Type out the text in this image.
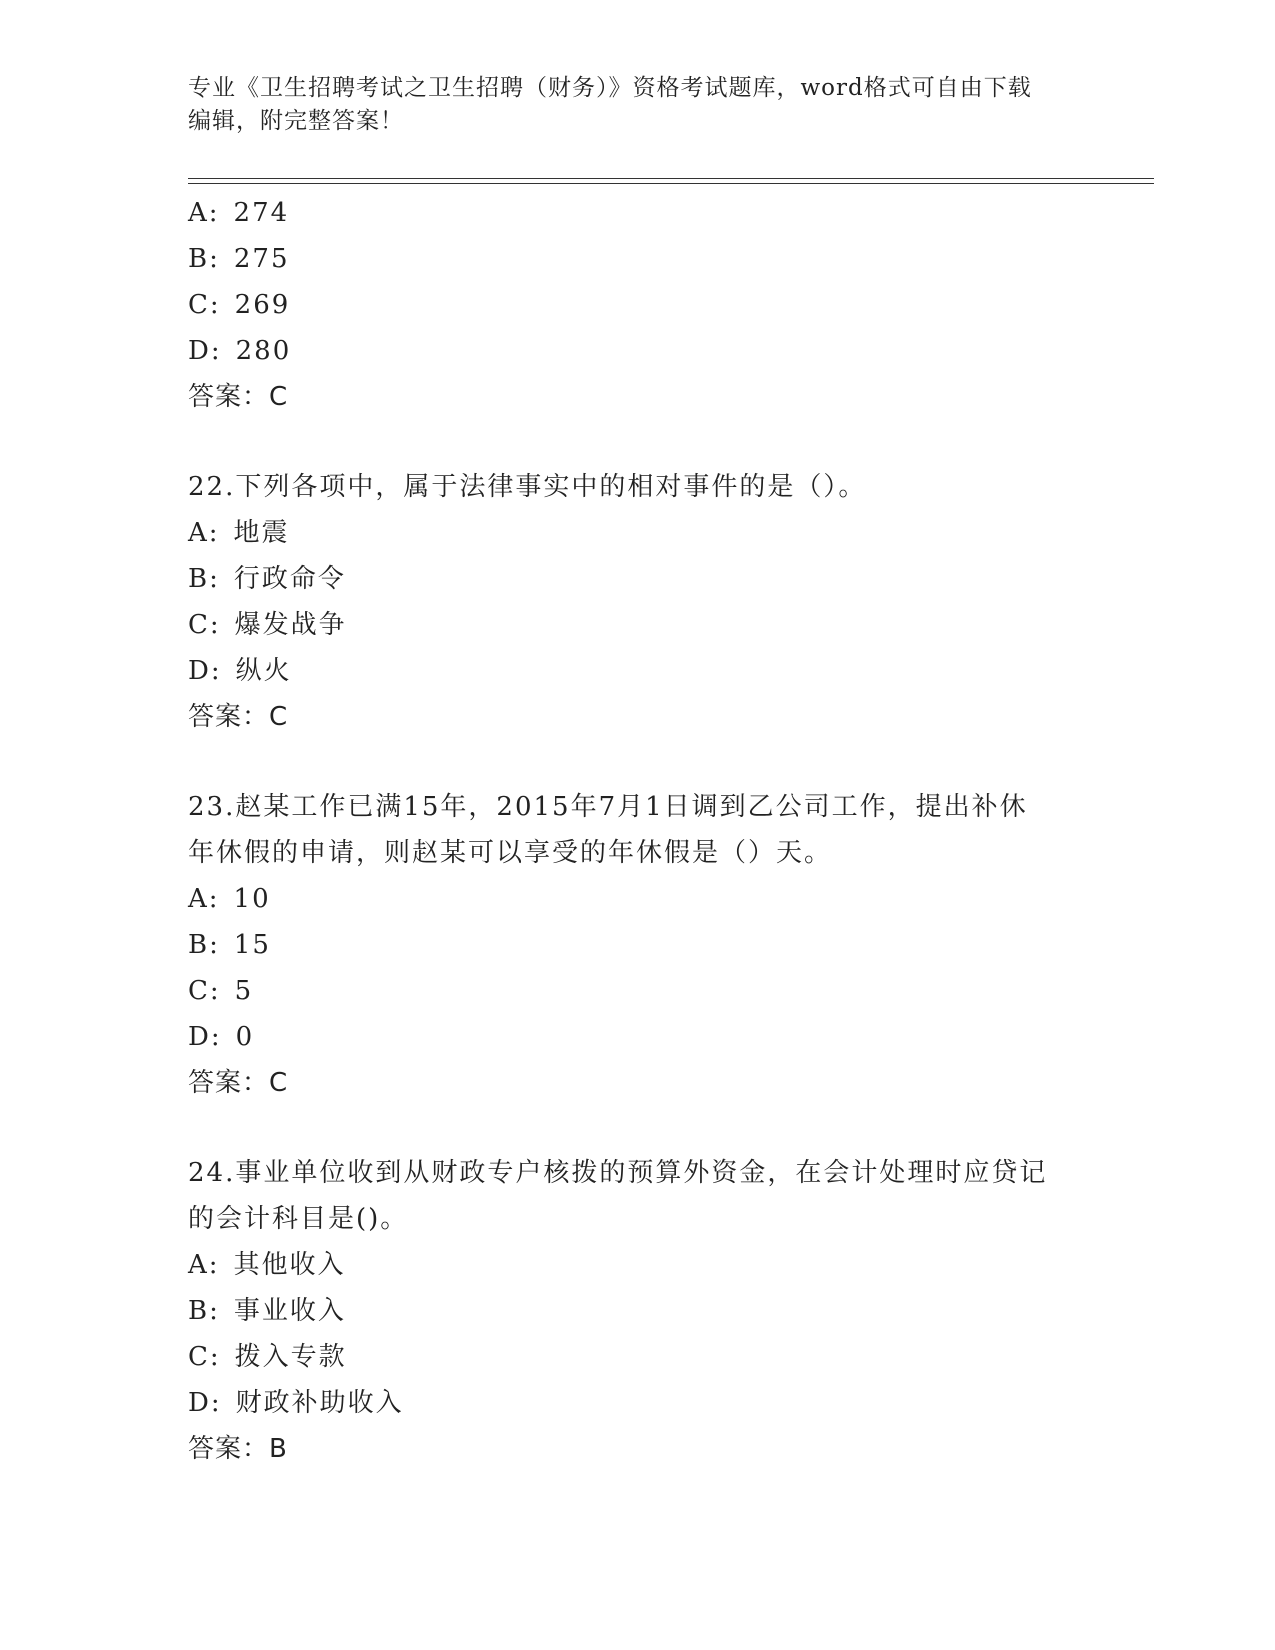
专业《卫生招聘考试之卫生招聘（财务）》资格考试题库，word格式可自由下载
编辑，附完整答案！
A: 274
B: 275
C: 269
D: 280
答案：C
22.下列各项中，属于法律事实中的相对事件的是（）。
A: 地震
B: 行政命令
C: 爆发战争
D: 纵火
答案：C
23.赵某工作已满15年，2015年7月1日调到乙公司工作，提出补休
年休假的申请，则赵某可以享受的年休假是（）天。
A: 10
B: 15
C: 5
D: 0
答案：C
24.事业单位收到从财政专户核拨的预算外资金，在会计处理时应贷记
的会计科目是()。
A: 其他收入
B: 事业收入
C: 拨入专款
D: 财政补助收入
答案：B
